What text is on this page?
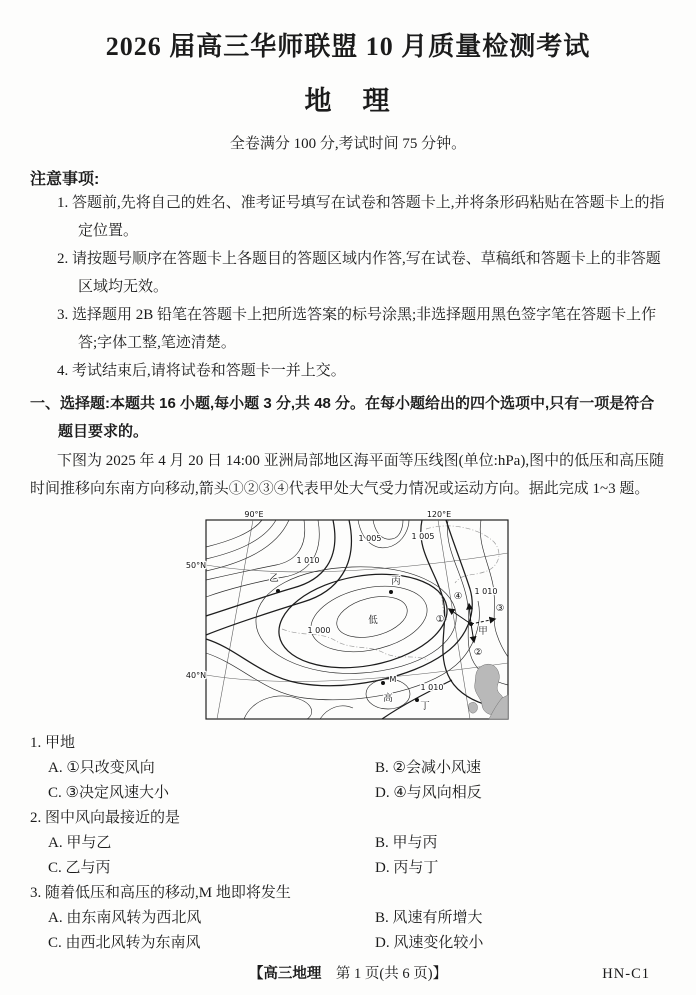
2026 届高三华师联盟 10 月质量检测考试
地　理

全卷满分 100 分,考试时间 75 分钟。

注意事项:

1. 答题前,先将自己的姓名、准考证号填写在试卷和答题卡上,并将条形码粘贴在答题卡上的指定位置。

2. 请按题号顺序在答题卡上各题目的答题区域内作答,写在试卷、草稿纸和答题卡上的非答题区域均无效。

3. 选择题用 2B 铅笔在答题卡上把所选答案的标号涂黑;非选择题用黑色签字笔在答题卡上作答;字体工整,笔迹清楚。

4. 考试结束后,请将试卷和答题卡一并上交。

一、选择题:本题共 16 小题,每小题 3 分,共 48 分。在每小题给出的四个选项中,只有一项是符合题目要求的。

下图为 2025 年 4 月 20 日 14:00 亚洲局部地区海平面等压线图(单位:hPa),图中的低压和高压随时间推移向东南方向移动,箭头①②③④代表甲处大气受力情况或运动方向。据此完成 1~3 题。

90°E	120°E
50°N
40°N
1 005	1 005
1 010
1 010
1 010
1 000
乙	丙
甲
丁
M
低
高
①
②
③
④

1. 甲地

A. ①只改变风向	B. ②会减小风速
C. ③决定风速大小	D. ④与风向相反

2. 图中风向最接近的是

A. 甲与乙	B. 甲与丙
C. 乙与丙	D. 丙与丁

3. 随着低压和高压的移动,M 地即将发生

A. 由东南风转为西北风	B. 风速有所增大
C. 由西北风转为东南风	D. 风速变化较小
【高三地理　第 1 页(共 6 页)】	HN-C1
